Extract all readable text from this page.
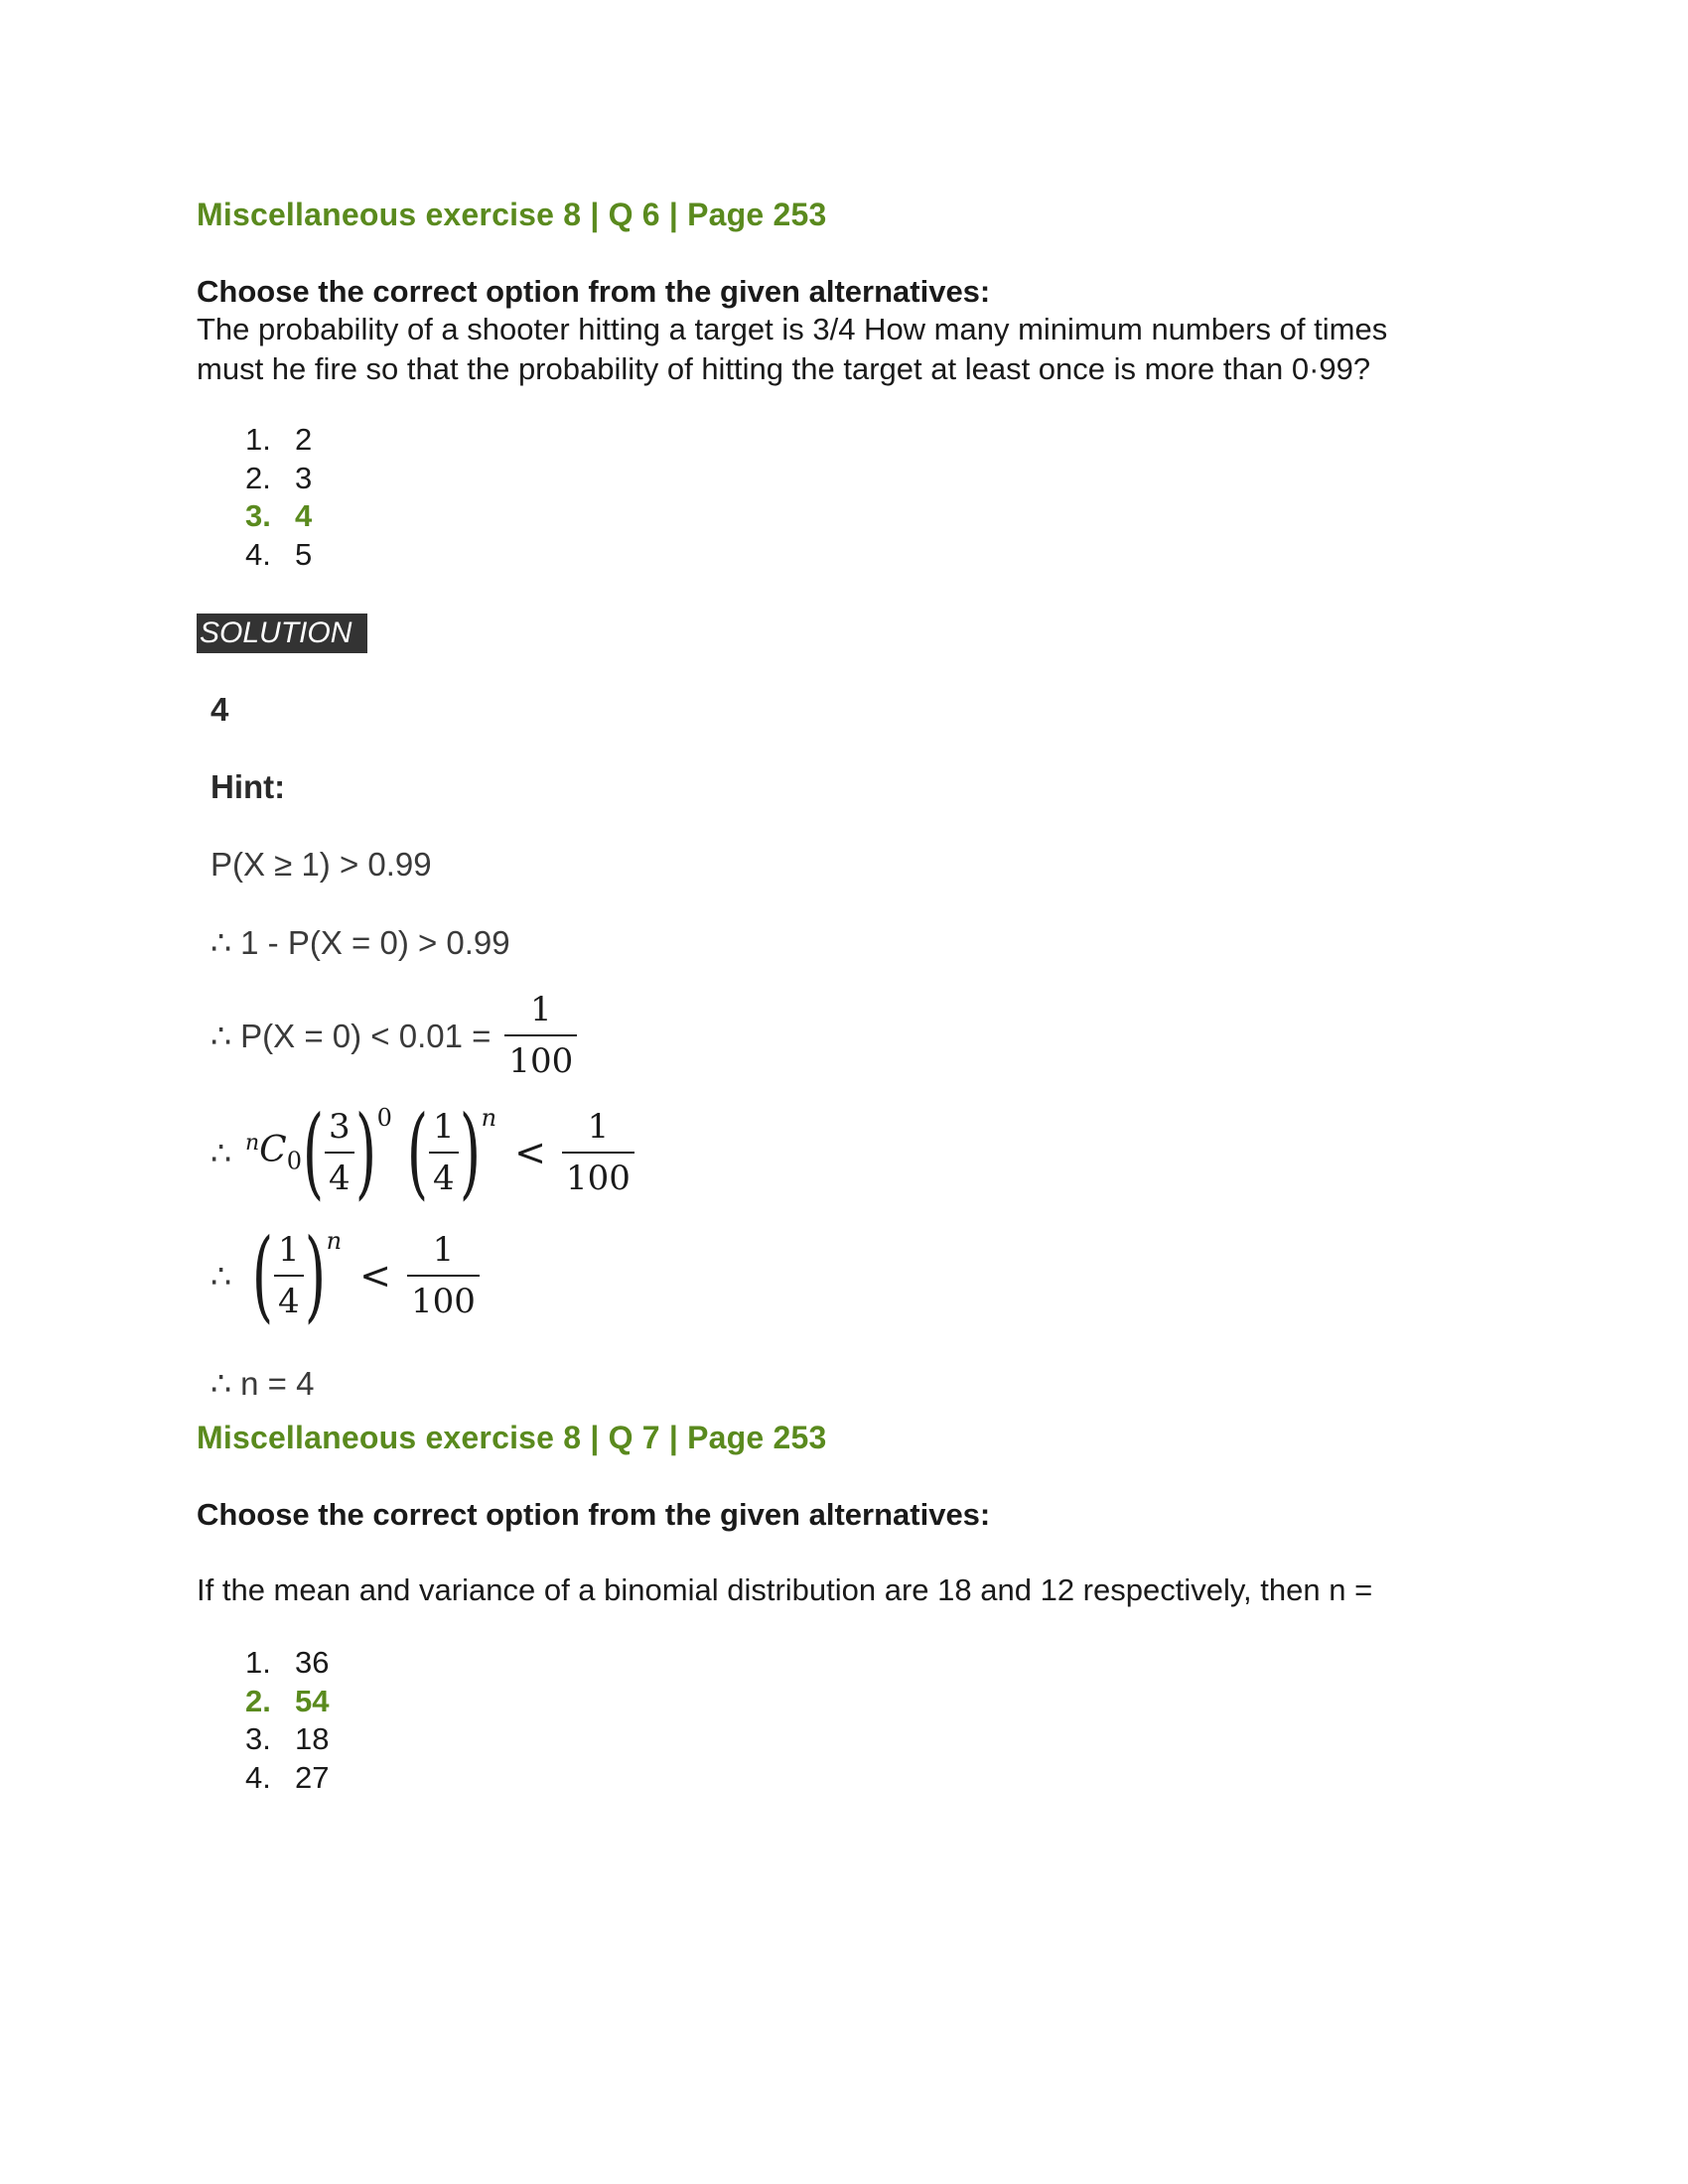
Miscellaneous exercise 8 | Q 6 | Page 253
Choose the correct option from the given alternatives:
The probability of a shooter hitting a target is 3/4 How many minimum numbers of times
must he fire so that the probability of hitting the target at least once is more than 0·99?
1. 2
2. 3
3. 4
4. 5
SOLUTION
4
Hint:
P(X ≥ 1) > 0.99
∴ 1 - P(X = 0) > 0.99
∴ $P(X = 0) < 0.01 = \frac{1}{100}$
∴ $^nC_0$ ( $\frac{3}{4}$ ) 0 ( $\frac{1}{4}$ ) n
< $\frac{1}{100}$
∴ ( $\frac{1}{4}$ ) n
< $\frac{1}{100}$
∴ n = 4
Miscellaneous exercise 8 | Q 7 | Page 253
Choose the correct option from the given alternatives:
If the mean and variance of a binomial distribution are 18 and 12 respectively, then n =
1. 36
2. 54
3. 18
4. 27
